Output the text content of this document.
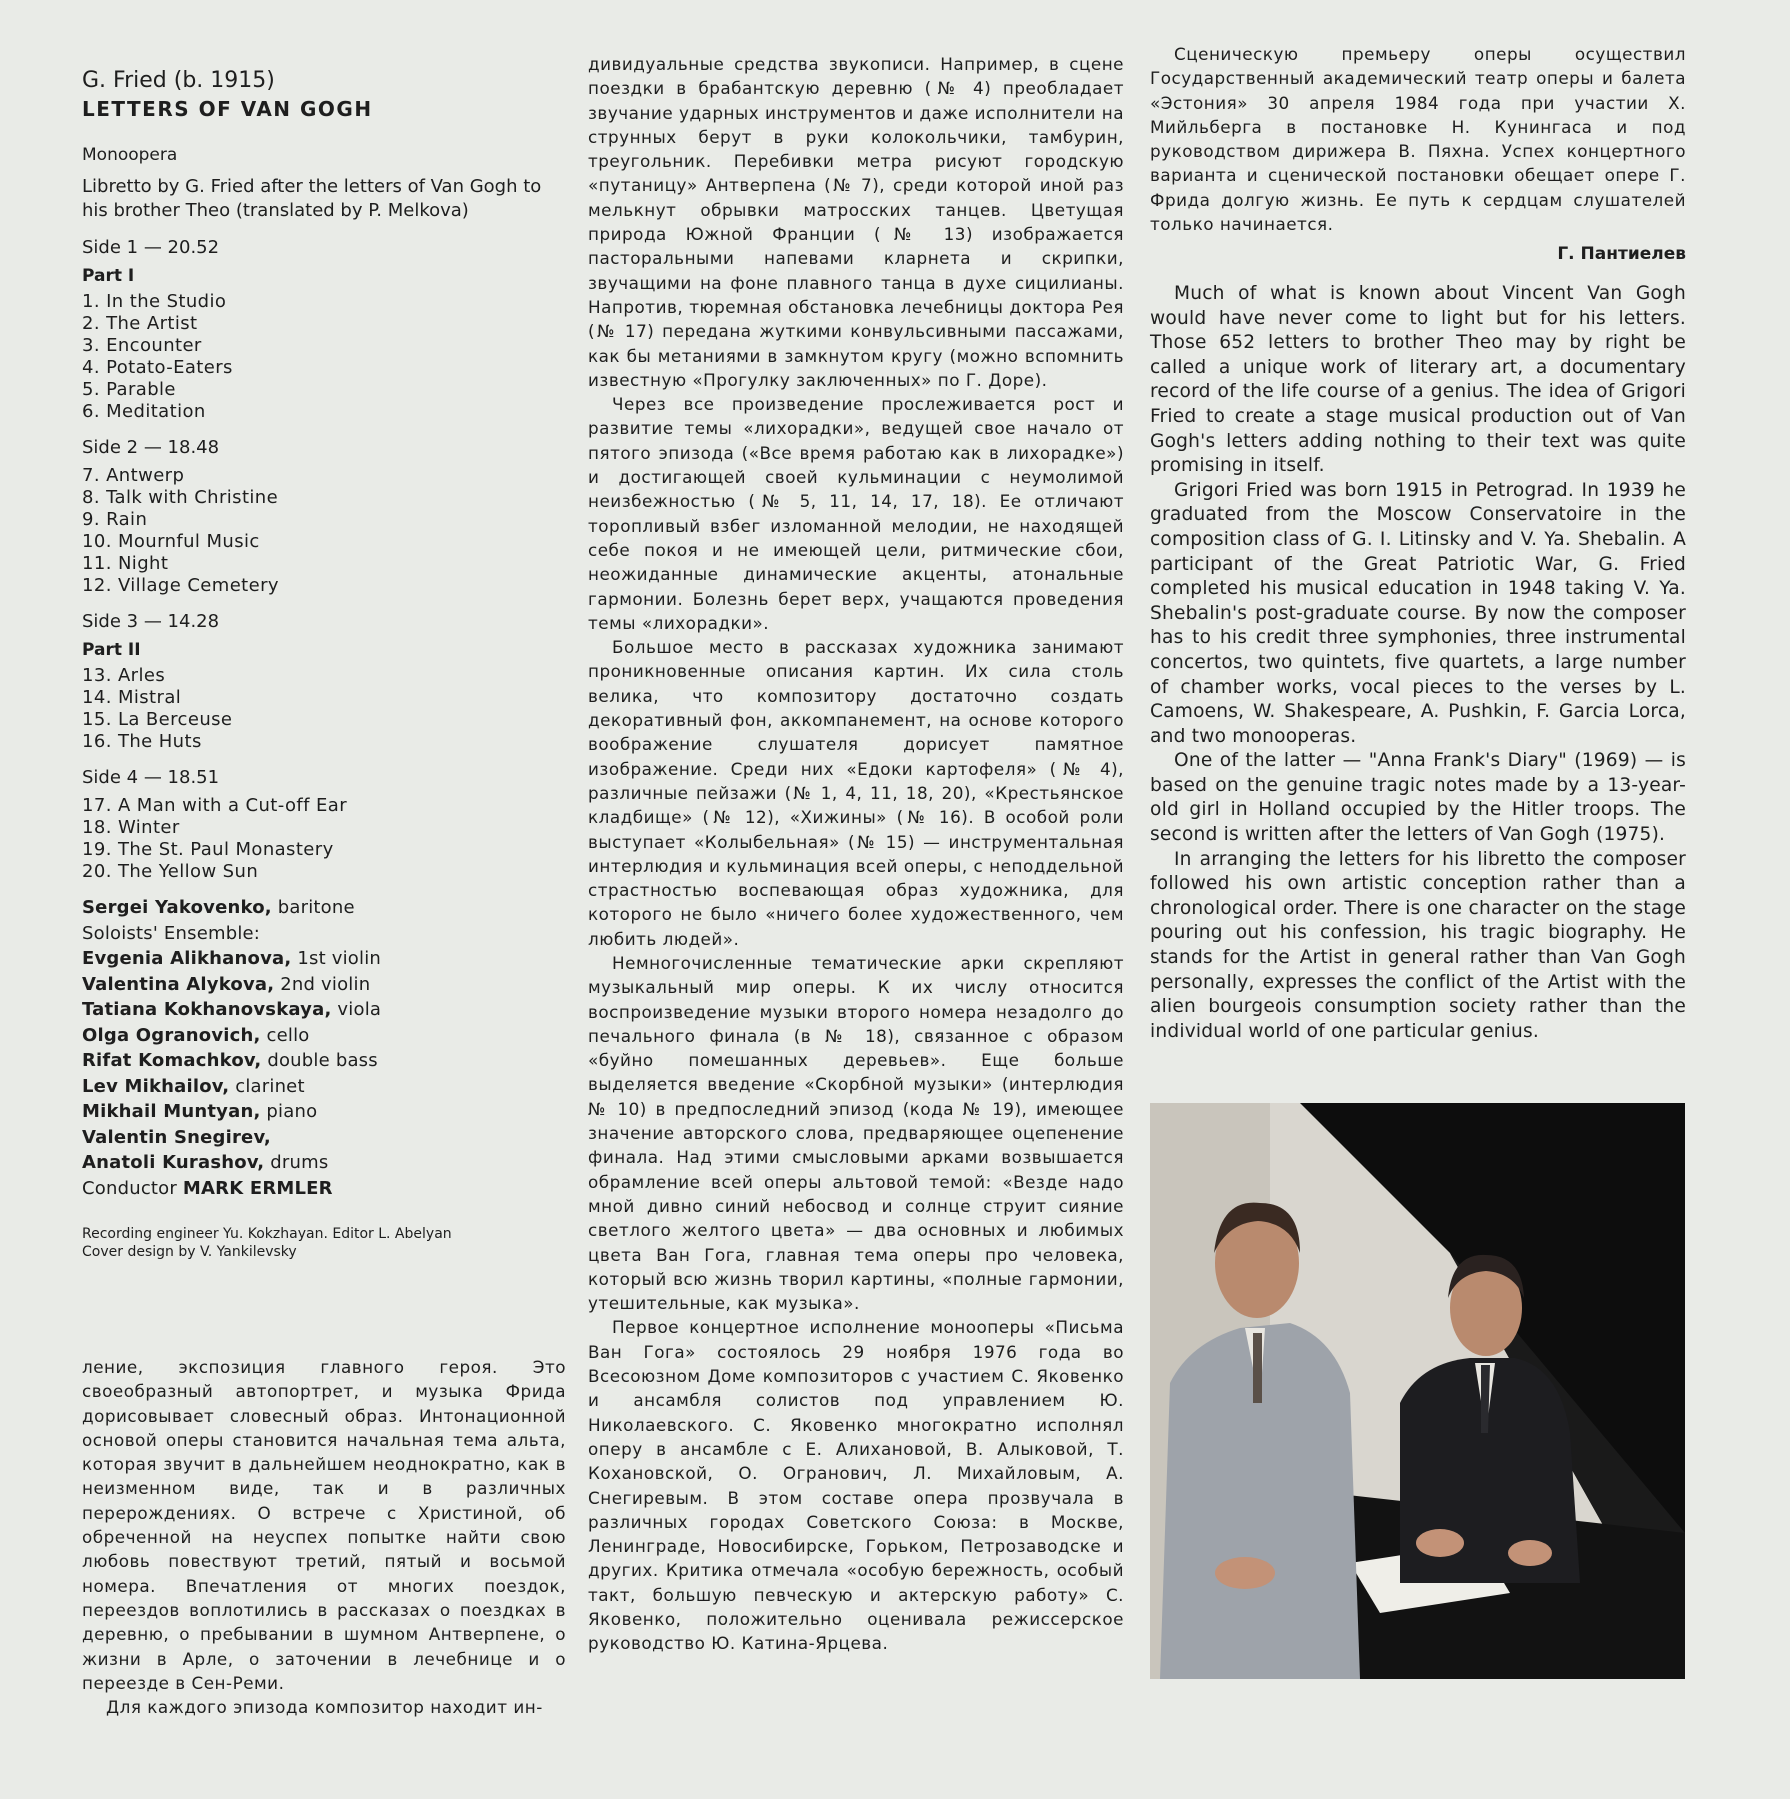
G. Fried (b. 1915)

LETTERS OF VAN GOGH

Monoopera

Libretto by G. Fried after the letters of Van Gogh to his brother Theo (translated by P. Melkova)

Side 1 — 20.52

Part I

1. In the Studio

2. The Artist

3. Encounter

4. Potato-Eaters

5. Parable

6. Meditation

Side 2 — 18.48

7. Antwerp

8. Talk with Christine

9. Rain

10. Mournful Music

11. Night

12. Village Cemetery

Side 3 — 14.28

Part II

13. Arles

14. Mistral

15. La Berceuse

16. The Huts

Side 4 — 18.51

17. A Man with a Cut-off Ear

18. Winter

19. The St. Paul Monastery

20. The Yellow Sun

Sergei Yakovenko, baritone

Soloists' Ensemble:

Evgenia Alikhanova, 1st violin

Valentina Alykova, 2nd violin

Tatiana Kokhanovskaya, viola

Olga Ogranovich, cello

Rifat Komachkov, double bass

Lev Mikhailov, clarinet

Mikhail Muntyan, piano

Valentin Snegirev,

Anatoli Kurashov, drums

Conductor MARK ERMLER

Recording engineer Yu. Kokzhayan. Editor L. Abelyan
Cover design by V. Yankilevsky

ление, экспозиция главного героя. Это своеобразный автопортрет, и музыка Фрида дорисовывает словесный образ. Интонационной основой оперы становится начальная тема альта, которая звучит в дальнейшем неоднократно, как в неизменном виде, так и в различных перерождениях. О встрече с Христиной, об обреченной на неуспех попытке найти свою любовь повествуют третий, пятый и восьмой номера. Впечатления от многих поездок, переездов воплотились в рассказах о поездках в деревню, о пребывании в шумном Антверпене, о жизни в Арле, о заточении в лечебнице и о переезде в Сен-Реми.

Для каждого эпизода композитор находит ин-

дивидуальные средства звукописи. Например, в сцене поездки в брабантскую деревню (№ 4) преобладает звучание ударных инструментов и даже исполнители на струнных берут в руки колокольчики, тамбурин, треугольник. Перебивки метра рисуют городскую «путаницу» Антверпена (№ 7), среди которой иной раз мелькнут обрывки матросских танцев. Цветущая природа Южной Франции (№ 13) изображается пасторальными напевами кларнета и скрипки, звучащими на фоне плавного танца в духе сицилианы. Напротив, тюремная обстановка лечебницы доктора Рея (№ 17) передана жуткими конвульсивными пассажами, как бы метаниями в замкнутом кругу (можно вспомнить известную «Прогулку заключенных» по Г. Доре).

Через все произведение прослеживается рост и развитие темы «лихорадки», ведущей свое начало от пятого эпизода («Все время работаю как в лихорадке») и достигающей своей кульминации с неумолимой неизбежностью (№ 5, 11, 14, 17, 18). Ее отличают торопливый взбег изломанной мелодии, не находящей себе покоя и не имеющей цели, ритмические сбои, неожиданные динамические акценты, атональные гармонии. Болезнь берет верх, учащаются проведения темы «лихорадки».

Большое место в рассказах художника занимают проникновенные описания картин. Их сила столь велика, что композитору достаточно создать декоративный фон, аккомпанемент, на основе которого воображение слушателя дорисует памятное изображение. Среди них «Едоки картофеля» (№ 4), различные пейзажи (№ 1, 4, 11, 18, 20), «Крестьянское кладбище» (№ 12), «Хижины» (№ 16). В особой роли выступает «Колыбельная» (№ 15) — инструментальная интерлюдия и кульминация всей оперы, с неподдельной страстностью воспевающая образ художника, для которого не было «ничего более художественного, чем любить людей».

Немногочисленные тематические арки скрепляют музыкальный мир оперы. К их числу относится воспроизведение музыки второго номера незадолго до печального финала (в № 18), связанное с образом «буйно помешанных деревьев». Еще больше выделяется введение «Скорбной музыки» (интерлюдия № 10) в предпоследний эпизод (кода № 19), имеющее значение авторского слова, предваряющее оцепенение финала. Над этими смысловыми арками возвышается обрамление всей оперы альтовой темой: «Везде надо мной дивно синий небосвод и солнце струит сияние светлого желтого цвета» — два основных и любимых цвета Ван Гога, главная тема оперы про человека, который всю жизнь творил картины, «полные гармонии, утешительные, как музыка».

Первое концертное исполнение монооперы «Письма Ван Гога» состоялось 29 ноября 1976 года во Всесоюзном Доме композиторов с участием С. Яковенко и ансамбля солистов под управлением Ю. Николаевского. С. Яковенко многократно исполнял оперу в ансамбле с Е. Алихановой, В. Алыковой, Т. Кохановской, О. Огранович, Л. Михайловым, А. Снегиревым. В этом составе опера прозвучала в различных городах Советского Союза: в Москве, Ленинграде, Новосибирске, Горьком, Петрозаводске и других. Критика отмечала «особую бережность, особый такт, большую певческую и актерскую работу» С. Яковенко, положительно оценивала режиссерское руководство Ю. Катина-Ярцева.

Сценическую премьеру оперы осуществил Государственный академический театр оперы и балета «Эстония» 30 апреля 1984 года при участии Х. Мийльберга в постановке Н. Кунингаса и под руководством дирижера В. Пяхна. Успех концертного варианта и сценической постановки обещает опере Г. Фрида долгую жизнь. Ее путь к сердцам слушателей только начинается.

Г. Пантиелев

Much of what is known about Vincent Van Gogh would have never come to light but for his letters. Those 652 letters to brother Theo may by right be called a unique work of literary art, a documentary record of the life course of a genius. The idea of Grigori Fried to create a stage musical production out of Van Gogh's letters adding nothing to their text was quite promising in itself.

Grigori Fried was born 1915 in Petrograd. In 1939 he graduated from the Moscow Conservatoire in the composition class of G. I. Litinsky and V. Ya. Shebalin. A participant of the Great Patriotic War, G. Fried completed his musical education in 1948 taking V. Ya. Shebalin's post-graduate course. By now the composer has to his credit three symphonies, three instrumental concertos, two quintets, five quartets, a large number of chamber works, vocal pieces to the verses by L. Camoens, W. Shakespeare, A. Pushkin, F. Garcia Lorca, and two monooperas.

One of the latter — "Anna Frank's Diary" (1969) — is based on the genuine tragic notes made by a 13-year-old girl in Holland occupied by the Hitler troops. The second is written after the letters of Van Gogh (1975).

In arranging the letters for his libretto the composer followed his own artistic conception rather than a chronological order. There is one character on the stage pouring out his confession, his tragic biography. He stands for the Artist in general rather than Van Gogh personally, expresses the conflict of the Artist with the alien bourgeois consumption society rather than the individual world of one particular genius.
